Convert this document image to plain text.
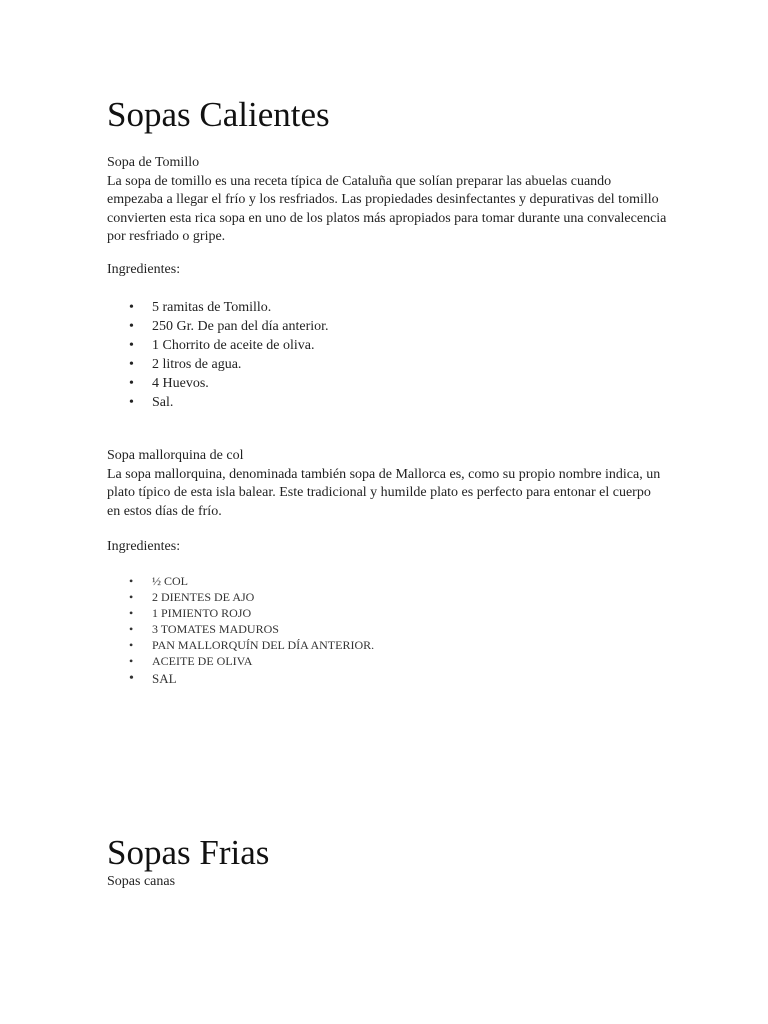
Sopas Calientes

Sopa de Tomillo

La sopa de tomillo es una receta típica de Cataluña que solían preparar las abuelas cuando empezaba a llegar el frío y los resfriados. Las propiedades desinfectantes y depurativas del tomillo convierten esta rica sopa en uno de los platos más apropiados para tomar durante una convalecencia por resfriado o gripe.

Ingredientes:

• 5 ramitas de Tomillo.
• 250 Gr. De pan del día anterior.
• 1 Chorrito de aceite de oliva.
• 2 litros de agua.
• 4 Huevos.
• Sal.

Sopa mallorquina de col

La sopa mallorquina, denominada también sopa de Mallorca es, como su propio nombre indica, un plato típico de esta isla balear. Este tradicional y humilde plato es perfecto para entonar el cuerpo en estos días de frío.

Ingredientes:

• ½ COL
• 2 DIENTES DE AJO
• 1 PIMIENTO ROJO
• 3 TOMATES MADUROS
• PAN MALLORQUÍN DEL DÍA ANTERIOR.
• ACEITE DE OLIVA
• SAL
Sopas Frias

Sopas canas
